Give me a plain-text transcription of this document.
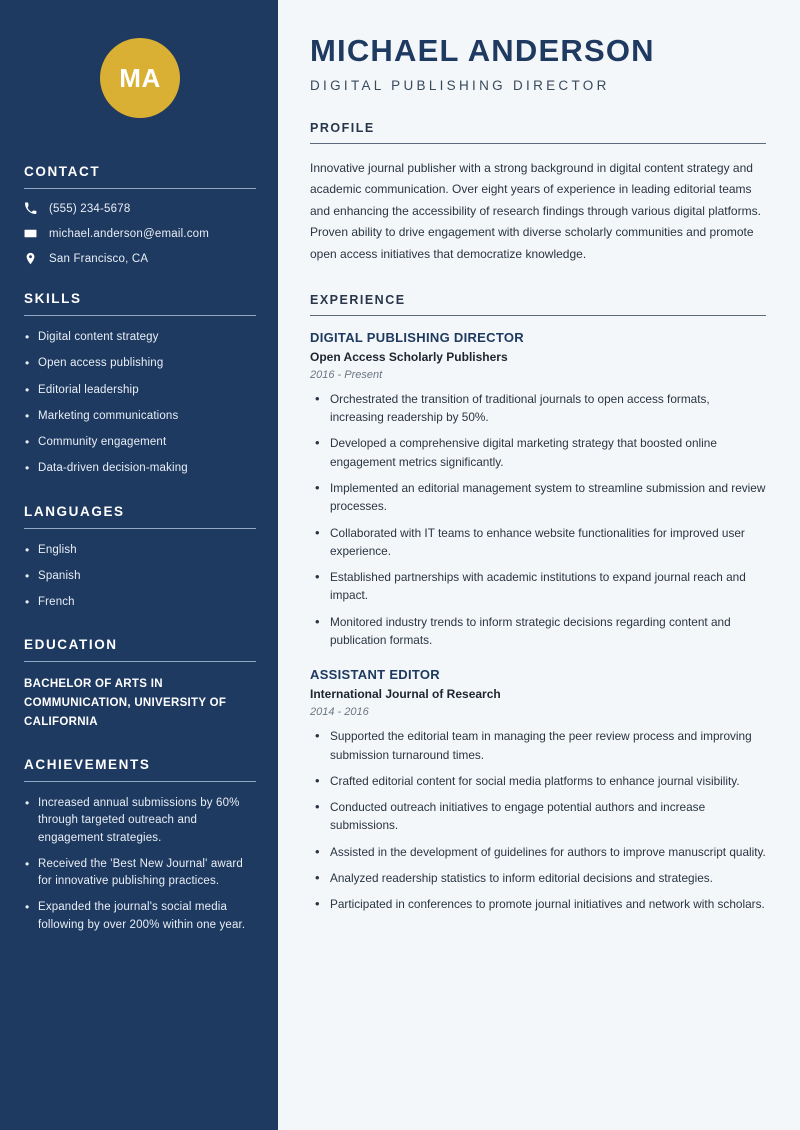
MA
CONTACT
(555) 234-5678
michael.anderson@email.com
San Francisco, CA
SKILLS
• Digital content strategy
• Open access publishing
• Editorial leadership
• Marketing communications
• Community engagement
• Data-driven decision-making
LANGUAGES
• English
• Spanish
• French
EDUCATION
BACHELOR OF ARTS IN COMMUNICATION, UNIVERSITY OF CALIFORNIA
ACHIEVEMENTS
• Increased annual submissions by 60% through targeted outreach and engagement strategies.
• Received the 'Best New Journal' award for innovative publishing practices.
• Expanded the journal's social media following by over 200% within one year.
MICHAEL ANDERSON
DIGITAL PUBLISHING DIRECTOR
PROFILE

Innovative journal publisher with a strong background in digital content strategy and academic communication. Over eight years of experience in leading editorial teams and enhancing the accessibility of research findings through various digital platforms. Proven ability to drive engagement with diverse scholarly communities and promote open access initiatives that democratize knowledge.

EXPERIENCE
DIGITAL PUBLISHING DIRECTOR
Open Access Scholarly Publishers
2016 - Present
• Orchestrated the transition of traditional journals to open access formats, increasing readership by 50%.
• Developed a comprehensive digital marketing strategy that boosted online engagement metrics significantly.
• Implemented an editorial management system to streamline submission and review processes.
• Collaborated with IT teams to enhance website functionalities for improved user experience.
• Established partnerships with academic institutions to expand journal reach and impact.
• Monitored industry trends to inform strategic decisions regarding content and publication formats.
ASSISTANT EDITOR
International Journal of Research
2014 - 2016
• Supported the editorial team in managing the peer review process and improving submission turnaround times.
• Crafted editorial content for social media platforms to enhance journal visibility.
• Conducted outreach initiatives to engage potential authors and increase submissions.
• Assisted in the development of guidelines for authors to improve manuscript quality.
• Analyzed readership statistics to inform editorial decisions and strategies.
• Participated in conferences to promote journal initiatives and network with scholars.
